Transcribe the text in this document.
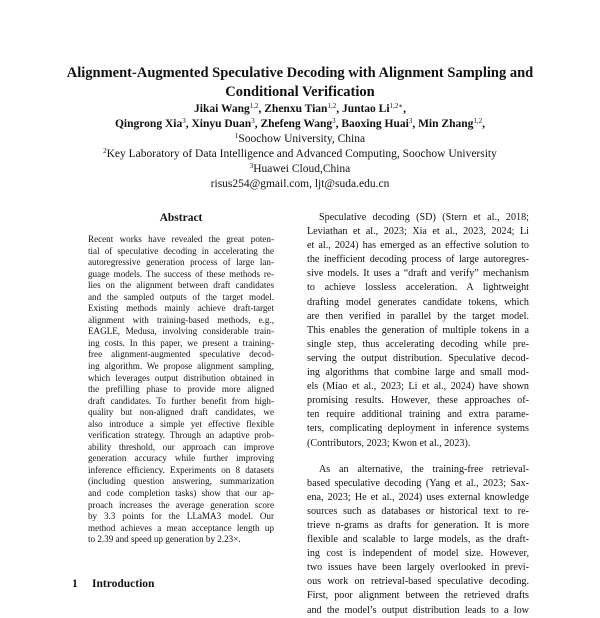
Alignment-Augmented Speculative Decoding with Alignment Sampling and
Conditional Verification
Jikai Wang$^{1,2}$, Zhenxu Tian$^{1,2}$, Juntao $Li^{1,2∗}$,
Qingrong Xia$^3$, Xinyu Duan$^3$, Zhefeng Wang$^3$, Baoxing Huai$^3$, Min Zhang$^{1,2}$,
$^1$Soochow University, China
$^2$Key Laboratory of Data Intelligence and Advanced Computing, Soochow University
$^3$Huawei Cloud,China
risus254@gmail.com, ljt@suda.edu.cn
Abstract
Recent works have revealed the great poten-
tial of speculative decoding in accelerating the
autoregressive generation process of large lan-
guage models. The success of these methods re-
lies on the alignment between draft candidates
and the sampled outputs of the target model.
Existing methods mainly achieve draft-target
alignment with training-based methods, e.g.,
EAGLE, Medusa, involving considerable train-
ing costs. In this paper, we present a training-
free alignment-augmented speculative decod-
ing algorithm. We propose alignment sampling,
which leverages output distribution obtained in
the prefilling phase to provide more aligned
draft candidates. To further benefit from high-
quality but non-aligned draft candidates, we
also introduce a simple yet effective flexible
verification strategy. Through an adaptive prob-
ability threshold, our approach can improve
generation accuracy while further improving
inference efficiency. Experiments on 8 datasets
(including question answering, summarization
and code completion tasks) show that our ap-
proach increases the average generation score
by 3.3 points for the LLaMA3 model. Our
method achieves a mean acceptance length up
to 2.39 and speed up generation by 2.23×.
1 Introduction
Speculative decoding (SD) (Stern et al., 2018;
Leviathan et al., 2023; Xia et al., 2023, 2024; Li
et al., 2024) has emerged as an effective solution to
the inefficient decoding process of large autoregres-
sive models. It uses a “draft and verify” mechanism
to achieve lossless acceleration. A lightweight
drafting model generates candidate tokens, which
are then verified in parallel by the target model.
This enables the generation of multiple tokens in a
single step, thus accelerating decoding while pre-
serving the output distribution. Speculative decod-
ing algorithms that combine large and small mod-
els (Miao et al., 2023; Li et al., 2024) have shown
promising results. However, these approaches of-
ten require additional training and extra parame-
ters, complicating deployment in inference systems
(Contributors, 2023; Kwon et al., 2023).
As an alternative, the training-free retrieval-
based speculative decoding (Yang et al., 2023; Sax-
ena, 2023; He et al., 2024) uses external knowledge
sources such as databases or historical text to re-
trieve n-grams as drafts for generation. It is more
flexible and scalable to large models, as the draft-
ing cost is independent of model size. However,
two issues have been largely overlooked in previ-
ous work on retrieval-based speculative decoding.
First, poor alignment between the retrieved drafts
and the model’s output distribution leads to a low
